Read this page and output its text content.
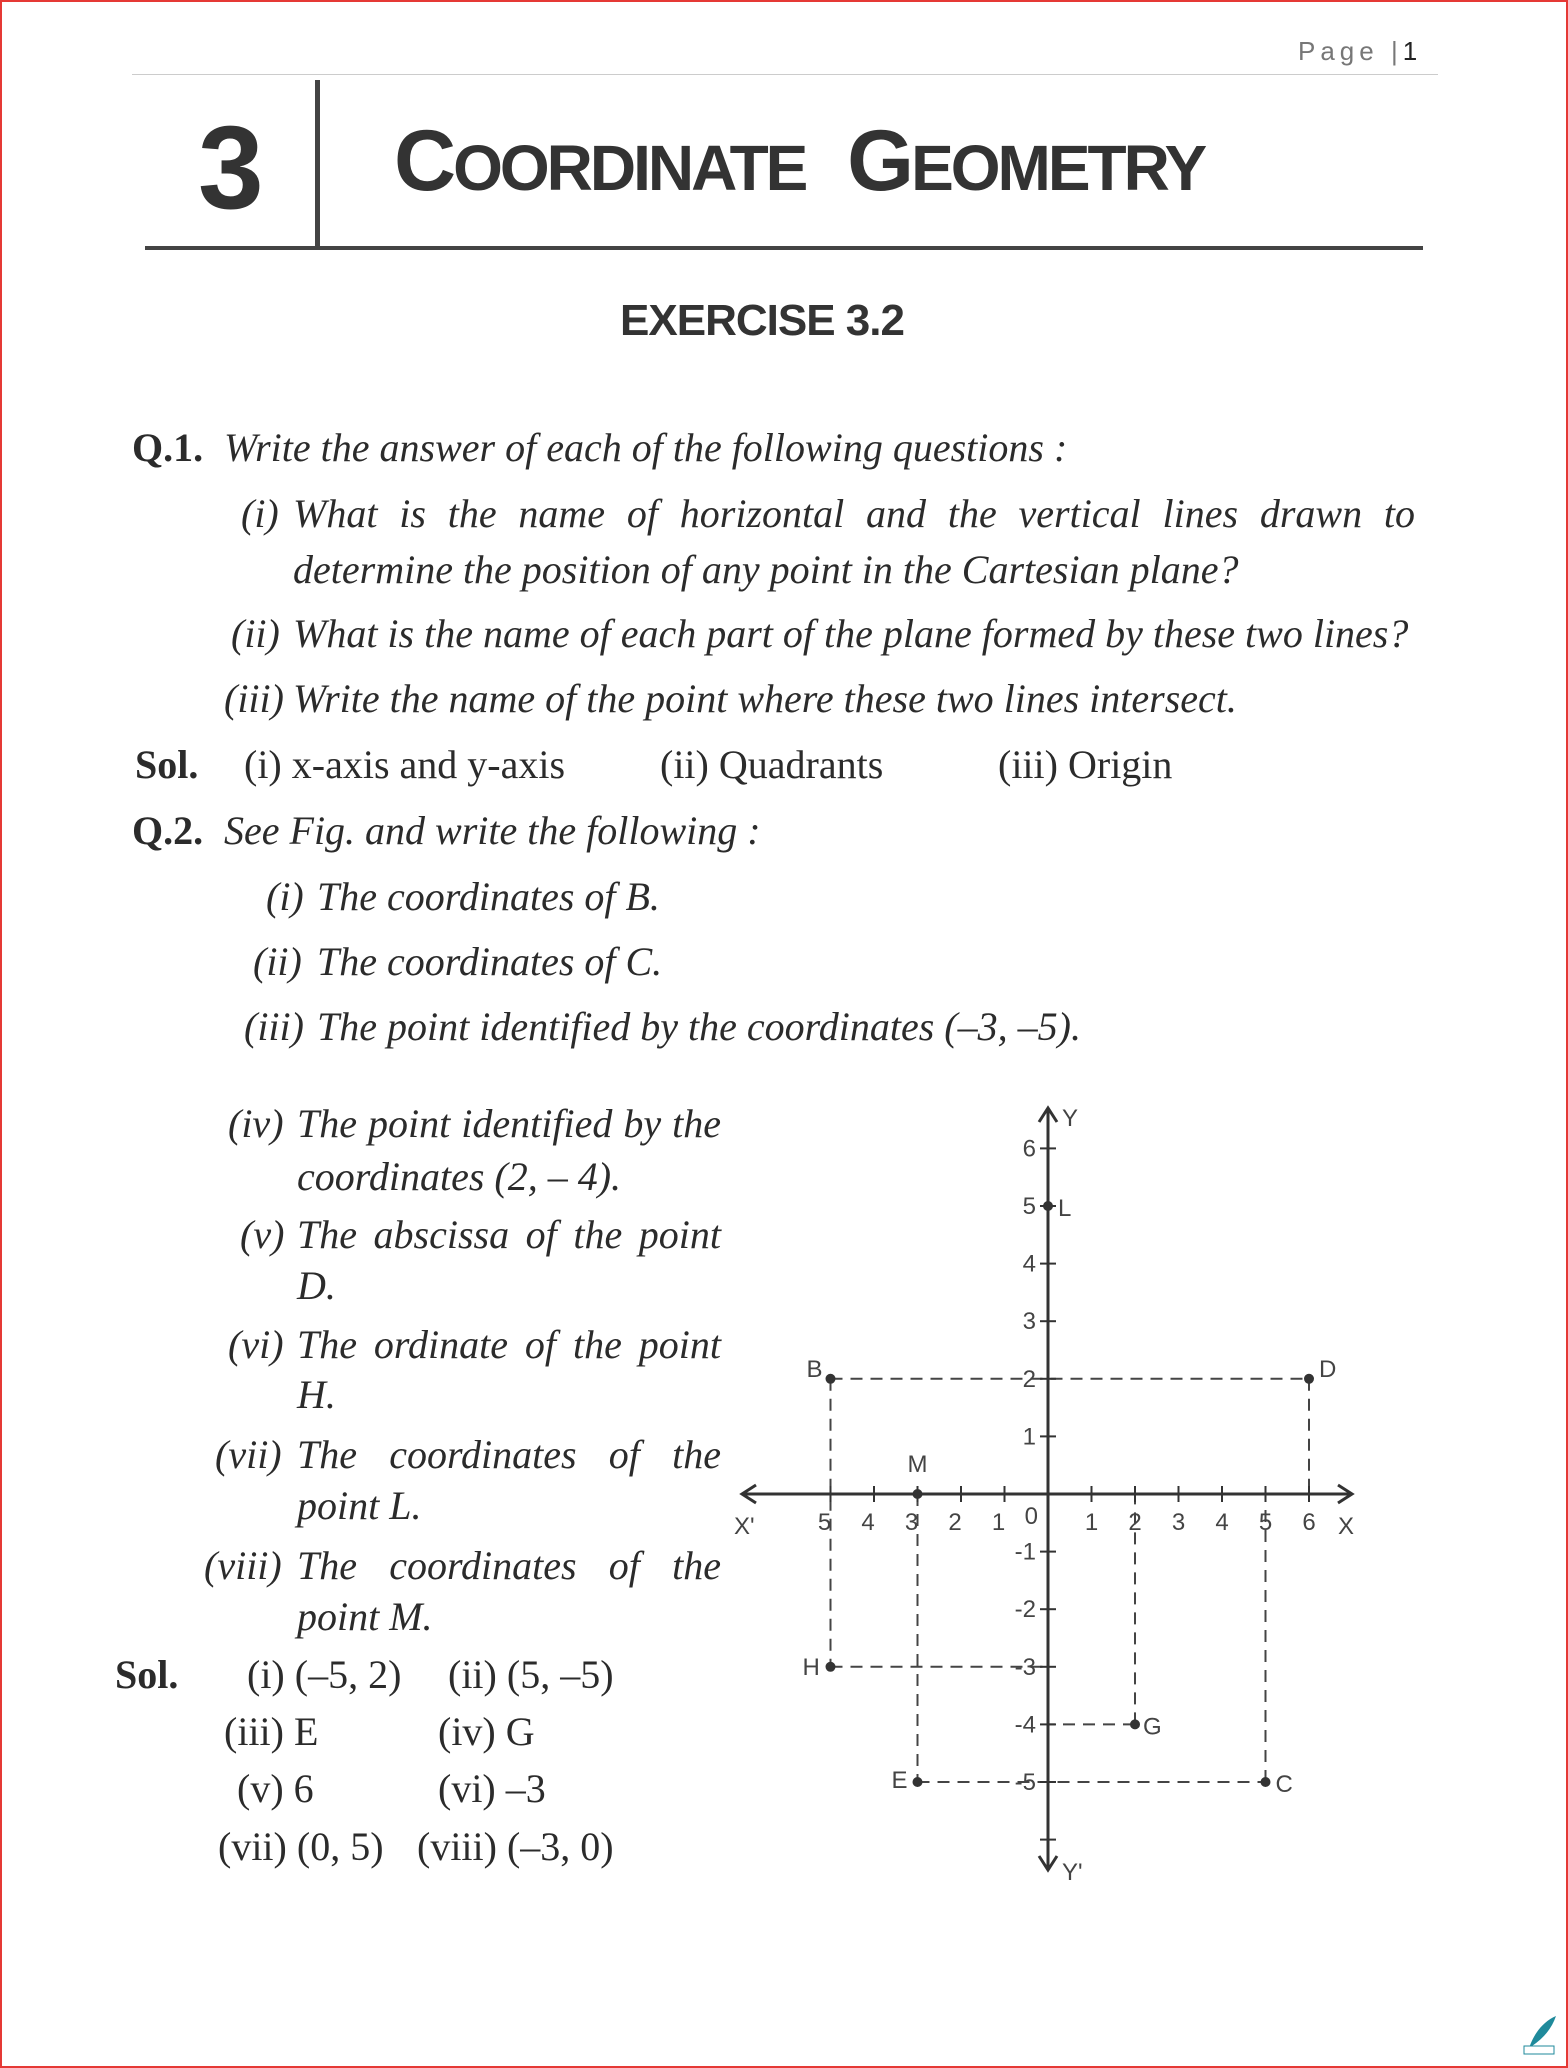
Page |1
3 COORDINATE GEOMETRY
EXERCISE 3.2
Q.1. Write the answer of each of the following questions :
(i) What is the name of horizontal and the vertical lines drawn to
determine the position of any point in the Cartesian plane?
(ii) What is the name of each part of the plane formed by these two lines?
(iii) Write the name of the point where these two lines intersect.
Sol. (i) x-axis and y-axis (ii) Quadrants	(iii) Origin
Q.2. See Fig. and write the following :
(i) The coordinates of B.
(ii) The coordinates of C.
(iii) The point identified by the coordinates (–3, –5).
(iv) The point identified by the
coordinates (2, – 4).
(v) The abscissa of the point
D.
(vi) The ordinate of the point
H.
(vii) The coordinates of the
point L.
(viii) The coordinates of the
point M.
Sol. (i) (–5, 2) (ii) (5, –5)
(iii) E	(iv) G
(v) 6	(vi) –3
(vii) (0, 5) (viii) (–3, 0)
5 4 3 2 1	1 2 3 4 5 6
-5
-4
-3
-2
-1
1
2
3
4
5
6
0	X
X'
Y
Y'
B	D
L
M
H
G
E	C
